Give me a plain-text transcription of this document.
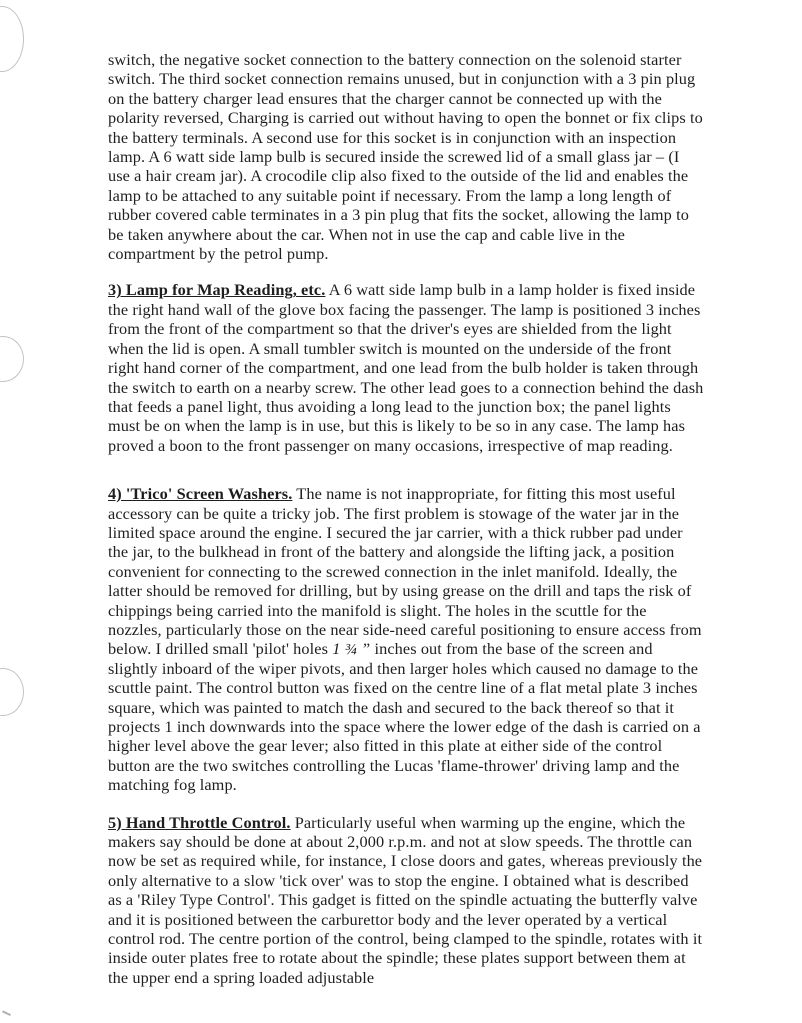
switch, the negative socket connection to the battery connection on the solenoid starter switch. The third socket connection remains unused, but in conjunction with a 3 pin plug on the battery charger lead ensures that the charger cannot be connected up with the polarity reversed, Charging is carried out without having to open the bonnet or fix clips to the battery terminals. A second use for this socket is in conjunction with an inspection lamp. A 6 watt side lamp bulb is secured inside the screwed lid of a small glass jar – (I use a hair cream jar). A crocodile clip also fixed to the outside of the lid and enables the lamp to be attached to any suitable point if necessary. From the lamp a long length of rubber covered cable terminates in a 3 pin plug that fits the socket, allowing the lamp to be taken anywhere about the car. When not in use the cap and cable live in the compartment by the petrol pump.

3) Lamp for Map Reading, etc. A 6 watt side lamp bulb in a lamp holder is fixed inside the right hand wall of the glove box facing the passenger. The lamp is positioned 3 inches from the front of the compartment so that the driver's eyes are shielded from the light when the lid is open. A small tumbler switch is mounted on the underside of the front right hand corner of the compartment, and one lead from the bulb holder is taken through the switch to earth on a nearby screw. The other lead goes to a connection behind the dash that feeds a panel light, thus avoiding a long lead to the junction box; the panel lights must be on when the lamp is in use, but this is likely to be so in any case. The lamp has proved a boon to the front passenger on many occasions, irrespective of map reading.

4) 'Trico' Screen Washers. The name is not inappropriate, for fitting this most useful accessory can be quite a tricky job. The first problem is stowage of the water jar in the limited space around the engine. I secured the jar carrier, with a thick rubber pad under the jar, to the bulkhead in front of the battery and alongside the lifting jack, a position convenient for connecting to the screwed connection in the inlet manifold. Ideally, the latter should be removed for drilling, but by using grease on the drill and taps the risk of chippings being carried into the manifold is slight. The holes in the scuttle for the nozzles, particularly those on the near side-need careful positioning to ensure access from below. I drilled small 'pilot' holes 1 ¾ ” inches out from the base of the screen and slightly inboard of the wiper pivots, and then larger holes which caused no damage to the scuttle paint. The control button was fixed on the centre line of a flat metal plate 3 inches square, which was painted to match the dash and secured to the back thereof so that it projects 1 inch downwards into the space where the lower edge of the dash is carried on a higher level above the gear lever; also fitted in this plate at either side of the control button are the two switches controlling the Lucas 'flame-thrower' driving lamp and the matching fog lamp.

5) Hand Throttle Control. Particularly useful when warming up the engine, which the makers say should be done at about 2,000 r.p.m. and not at slow speeds. The throttle can now be set as required while, for instance, I close doors and gates, whereas previously the only alternative to a slow 'tick over' was to stop the engine. I obtained what is described as a 'Riley Type Control'. This gadget is fitted on the spindle actuating the butterfly valve and it is positioned between the carburettor body and the lever operated by a vertical control rod. The centre portion of the control, being clamped to the spindle, rotates with it inside outer plates free to rotate about the spindle; these plates support between them at the upper end a spring loaded adjustable
